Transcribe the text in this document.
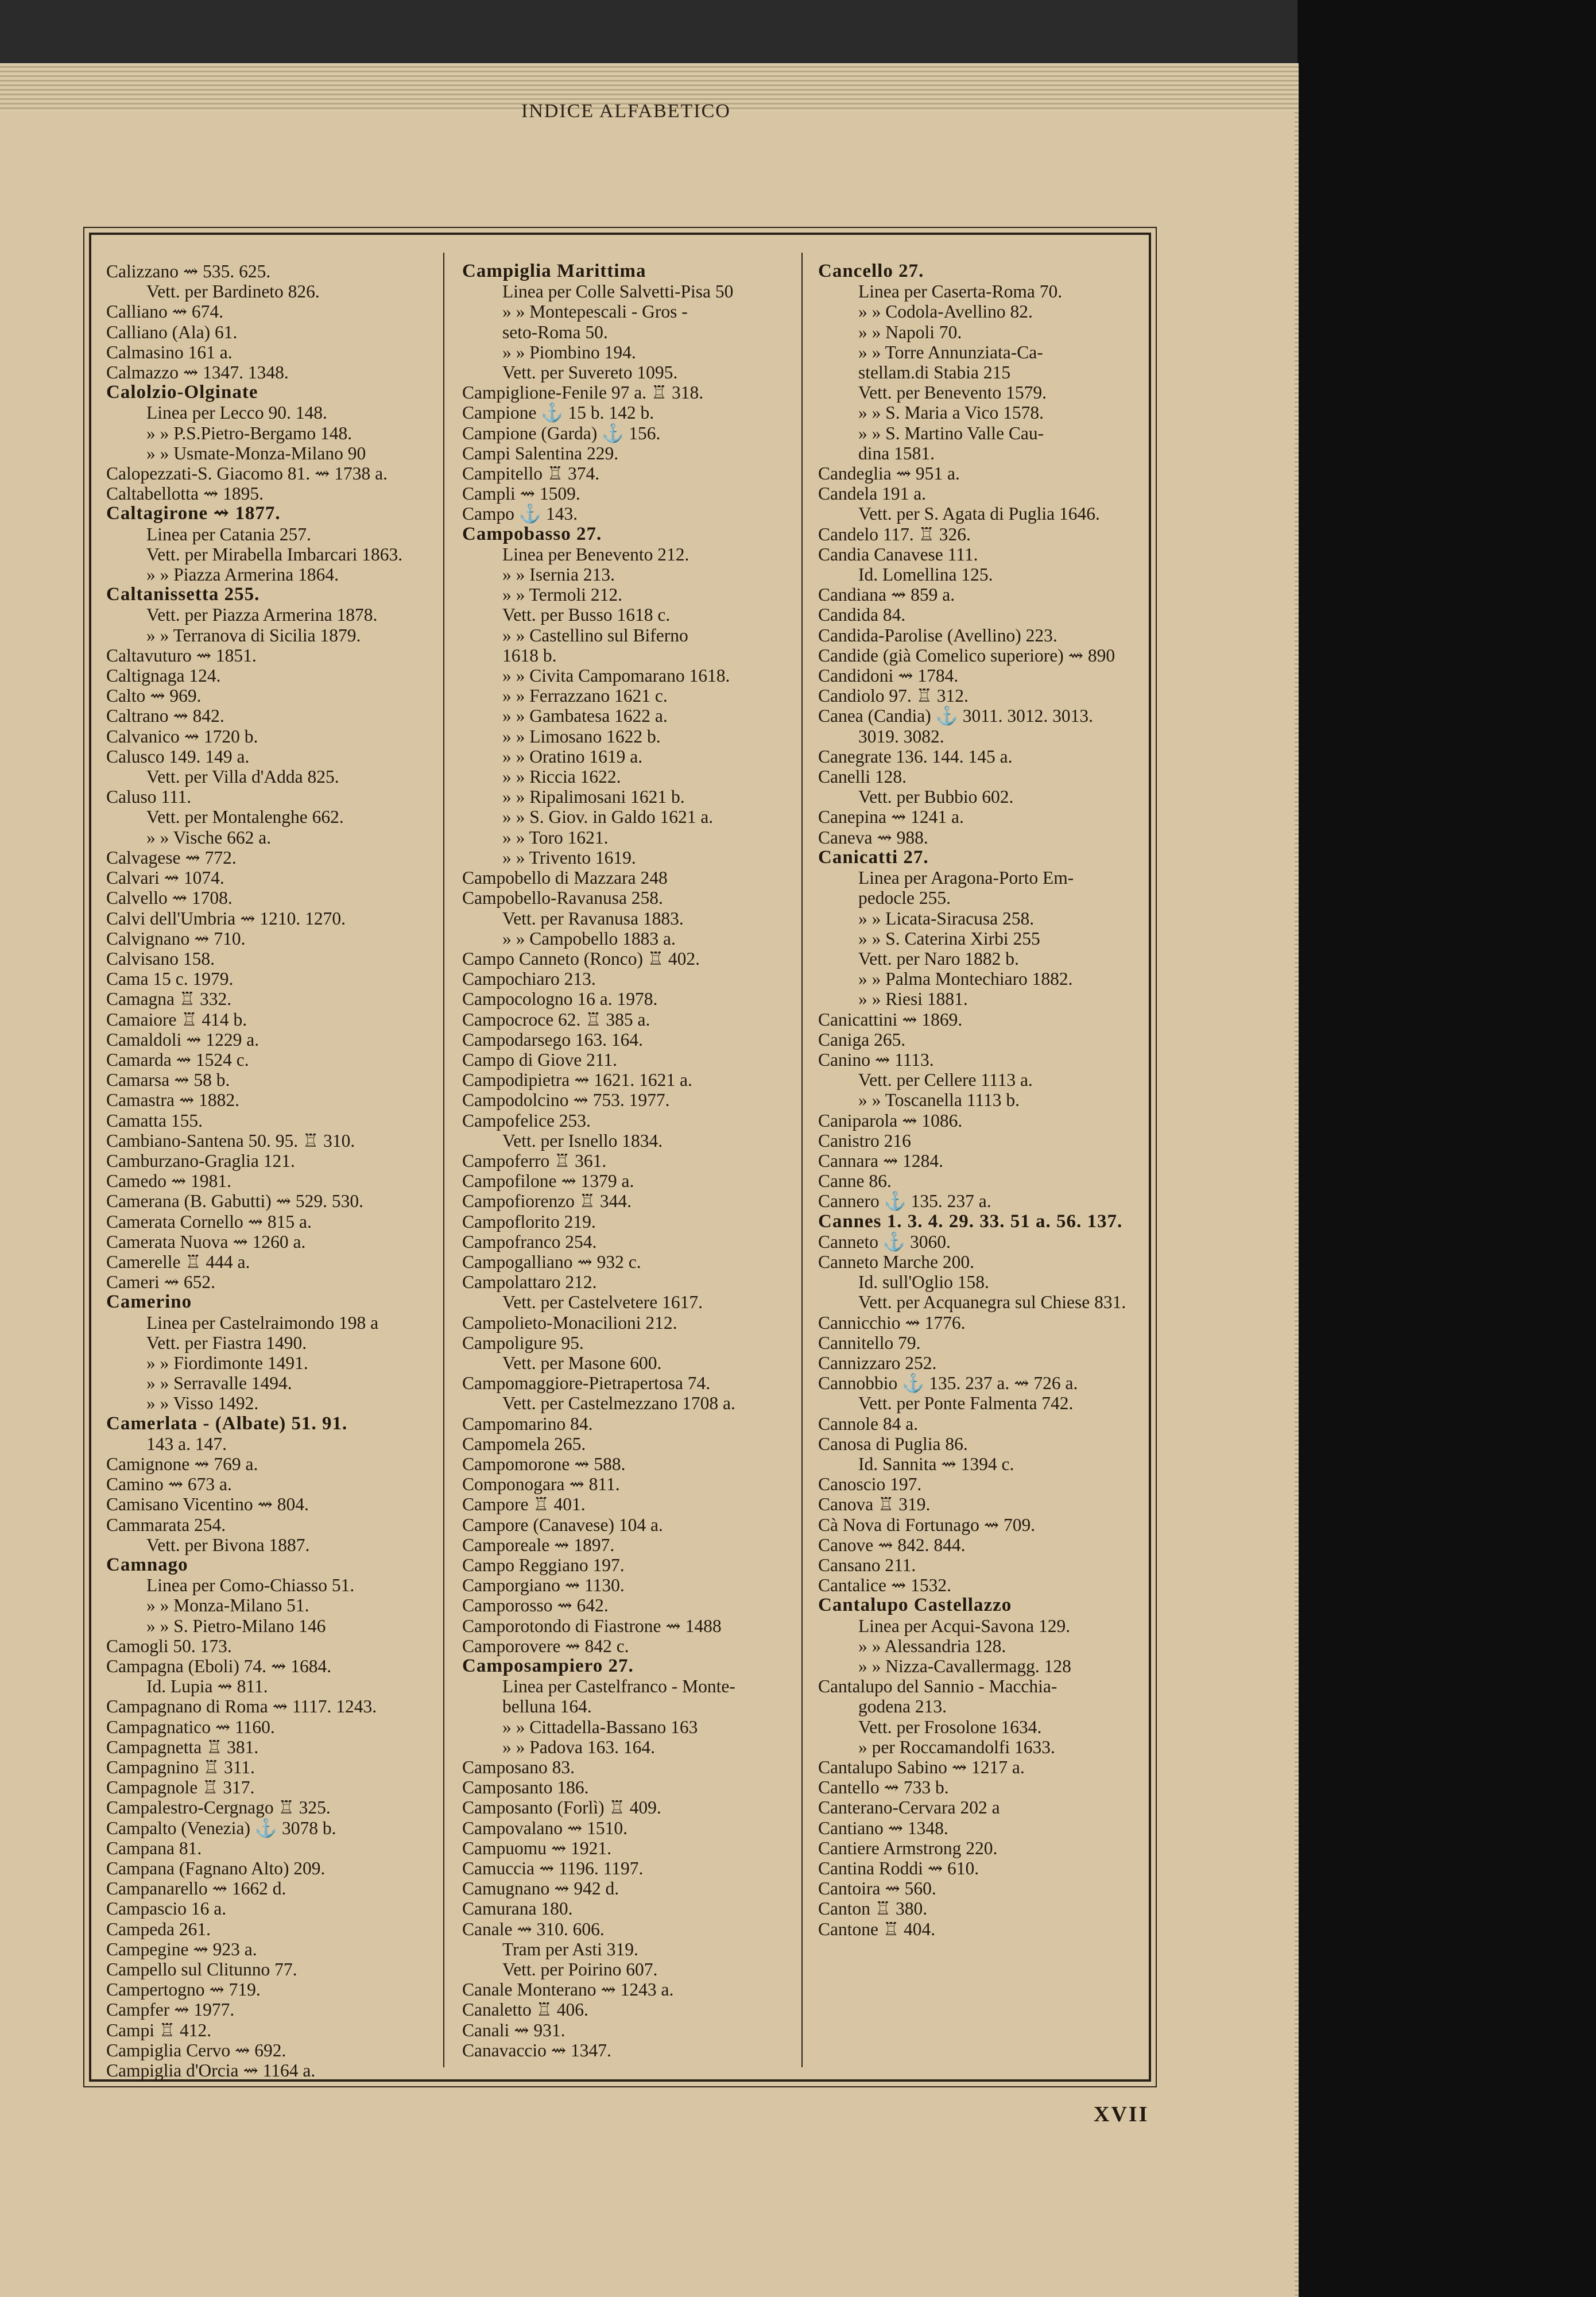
INDICE ALFABETICO
Calizzano ⇝ 535. 625.
Vett. per Bardineto 826.
Calliano ⇝ 674.
Calliano (Ala) 61.
Calmasino 161 a.
Calmazzo ⇝ 1347. 1348.
Calolzio-Olginate
Linea per Lecco 90. 148.
» » P.S.Pietro-Bergamo 148.
» » Usmate-Monza-Milano 90
Calopezzati-S. Giacomo 81. ⇝ 1738 a.
Caltabellotta ⇝ 1895.
Caltagirone ⇝ 1877.
Linea per Catania 257.
Vett. per Mirabella Imbarcari 1863.
» » Piazza Armerina 1864.
Caltanissetta 255.
Vett. per Piazza Armerina 1878.
» » Terranova di Sicilia 1879.
Caltavuturo ⇝ 1851.
Caltignaga 124.
Calto ⇝ 969.
Caltrano ⇝ 842.
Calvanico ⇝ 1720 b.
Calusco 149. 149 a.
Vett. per Villa d'Adda 825.
Caluso 111.
Vett. per Montalenghe 662.
» » Vische 662 a.
Calvagese ⇝ 772.
Calvari ⇝ 1074.
Calvello ⇝ 1708.
Calvi dell'Umbria ⇝ 1210. 1270.
Calvignano ⇝ 710.
Calvisano 158.
Cama 15 c. 1979.
Camagna ♖ 332.
Camaiore ♖ 414 b.
Camaldoli ⇝ 1229 a.
Camarda ⇝ 1524 c.
Camarsa ⇝ 58 b.
Camastra ⇝ 1882.
Camatta 155.
Cambiano-Santena 50. 95. ♖ 310.
Camburzano-Graglia 121.
Camedo ⇝ 1981.
Camerana (B. Gabutti) ⇝ 529. 530.
Camerata Cornello ⇝ 815 a.
Camerata Nuova ⇝ 1260 a.
Camerelle ♖ 444 a.
Cameri ⇝ 652.
Camerino
Linea per Castelraimondo 198 a
Vett. per Fiastra 1490.
» » Fiordimonte 1491.
» » Serravalle 1494.
» » Visso 1492.
Camerlata - (Albate) 51. 91.
143 a. 147.
Camignone ⇝ 769 a.
Camino ⇝ 673 a.
Camisano Vicentino ⇝ 804.
Cammarata 254.
Vett. per Bivona 1887.
Camnago
Linea per Como-Chiasso 51.
» » Monza-Milano 51.
» » S. Pietro-Milano 146
Camogli 50. 173.
Campagna (Eboli) 74. ⇝ 1684.
Id. Lupia ⇝ 811.
Campagnano di Roma ⇝ 1117. 1243.
Campagnatico ⇝ 1160.
Campagnetta ♖ 381.
Campagnino ♖ 311.
Campagnole ♖ 317.
Campalestro-Cergnago ♖ 325.
Campalto (Venezia) ⚓ 3078 b.
Campana 81.
Campana (Fagnano Alto) 209.
Campanarello ⇝ 1662 d.
Campascio 16 a.
Campeda 261.
Campegine ⇝ 923 a.
Campello sul Clitunno 77.
Campertogno ⇝ 719.
Campfer ⇝ 1977.
Campi ♖ 412.
Campiglia Cervo ⇝ 692.
Campiglia d'Orcia ⇝ 1164 a.
Campiglia Marittima
Linea per Colle Salvetti-Pisa 50
» » Montepescali - Gros -
seto-Roma 50.
» » Piombino 194.
Vett. per Suvereto 1095.
Campiglione-Fenile 97 a. ♖ 318.
Campione ⚓ 15 b. 142 b.
Campione (Garda) ⚓ 156.
Campi Salentina 229.
Campitello ♖ 374.
Campli ⇝ 1509.
Campo ⚓ 143.
Campobasso 27.
Linea per Benevento 212.
» » Isernia 213.
» » Termoli 212.
Vett. per Busso 1618 c.
» » Castellino sul Biferno
1618 b.
» » Civita Campomarano 1618.
» » Ferrazzano 1621 c.
» » Gambatesa 1622 a.
» » Limosano 1622 b.
» » Oratino 1619 a.
» » Riccia 1622.
» » Ripalimosani 1621 b.
» » S. Giov. in Galdo 1621 a.
» » Toro 1621.
» » Trivento 1619.
Campobello di Mazzara 248
Campobello-Ravanusa 258.
Vett. per Ravanusa 1883.
» » Campobello 1883 a.
Campo Canneto (Ronco) ♖ 402.
Campochiaro 213.
Campocologno 16 a. 1978.
Campocroce 62. ♖ 385 a.
Campodarsego 163. 164.
Campo di Giove 211.
Campodipietra ⇝ 1621. 1621 a.
Campodolcino ⇝ 753. 1977.
Campofelice 253.
Vett. per Isnello 1834.
Campoferro ♖ 361.
Campofilone ⇝ 1379 a.
Campofiorenzo ♖ 344.
Campoflorito 219.
Campofranco 254.
Campogalliano ⇝ 932 c.
Campolattaro 212.
Vett. per Castelvetere 1617.
Campolieto-Monacilioni 212.
Campoligure 95.
Vett. per Masone 600.
Campomaggiore-Pietrapertosa 74.
Vett. per Castelmezzano 1708 a.
Campomarino 84.
Campomela 265.
Campomorone ⇝ 588.
Componogara ⇝ 811.
Campore ♖ 401.
Campore (Canavese) 104 a.
Camporeale ⇝ 1897.
Campo Reggiano 197.
Camporgiano ⇝ 1130.
Camporosso ⇝ 642.
Camporotondo di Fiastrone ⇝ 1488
Camporovere ⇝ 842 c.
Camposampiero 27.
Linea per Castelfranco - Monte-
belluna 164.
» » Cittadella-Bassano 163
» » Padova 163. 164.
Camposano 83.
Camposanto 186.
Camposanto (Forlì) ♖ 409.
Campovalano ⇝ 1510.
Campuomu ⇝ 1921.
Camuccia ⇝ 1196. 1197.
Camugnano ⇝ 942 d.
Camurana 180.
Canale ⇝ 310. 606.
Tram per Asti 319.
Vett. per Poirino 607.
Canale Monterano ⇝ 1243 a.
Canaletto ♖ 406.
Canali ⇝ 931.
Canavaccio ⇝ 1347.
Cancello 27.
Linea per Caserta-Roma 70.
» » Codola-Avellino 82.
» » Napoli 70.
» » Torre Annunziata-Ca-
stellam.di Stabia 215
Vett. per Benevento 1579.
» » S. Maria a Vico 1578.
» » S. Martino Valle Cau-
dina 1581.
Candeglia ⇝ 951 a.
Candela 191 a.
Vett. per S. Agata di Puglia 1646.
Candelo 117. ♖ 326.
Candia Canavese 111.
Id. Lomellina 125.
Candiana ⇝ 859 a.
Candida 84.
Candida-Parolise (Avellino) 223.
Candide (già Comelico superiore) ⇝ 890
Candidoni ⇝ 1784.
Candiolo 97. ♖ 312.
Canea (Candia) ⚓ 3011. 3012. 3013.
3019. 3082.
Canegrate 136. 144. 145 a.
Canelli 128.
Vett. per Bubbio 602.
Canepina ⇝ 1241 a.
Caneva ⇝ 988.
Canicatti 27.
Linea per Aragona-Porto Em-
pedocle 255.
» » Licata-Siracusa 258.
» » S. Caterina Xirbi 255
Vett. per Naro 1882 b.
» » Palma Montechiaro 1882.
» » Riesi 1881.
Canicattini ⇝ 1869.
Caniga 265.
Canino ⇝ 1113.
Vett. per Cellere 1113 a.
» » Toscanella 1113 b.
Caniparola ⇝ 1086.
Canistro 216
Cannara ⇝ 1284.
Canne 86.
Cannero ⚓ 135. 237 a.
Cannes 1. 3. 4. 29. 33. 51 a. 56. 137.
Canneto ⚓ 3060.
Canneto Marche 200.
Id. sull'Oglio 158.
Vett. per Acquanegra sul Chiese 831.
Cannicchio ⇝ 1776.
Cannitello 79.
Cannizzaro 252.
Cannobbio ⚓ 135. 237 a. ⇝ 726 a.
Vett. per Ponte Falmenta 742.
Cannole 84 a.
Canosa di Puglia 86.
Id. Sannita ⇝ 1394 c.
Canoscio 197.
Canova ♖ 319.
Cà Nova di Fortunago ⇝ 709.
Canove ⇝ 842. 844.
Cansano 211.
Cantalice ⇝ 1532.
Cantalupo Castellazzo
Linea per Acqui-Savona 129.
» » Alessandria 128.
» » Nizza-Cavallermagg. 128
Cantalupo del Sannio - Macchia-
godena 213.
Vett. per Frosolone 1634.
» per Roccamandolfi 1633.
Cantalupo Sabino ⇝ 1217 a.
Cantello ⇝ 733 b.
Canterano-Cervara 202 a
Cantiano ⇝ 1348.
Cantiere Armstrong 220.
Cantina Roddi ⇝ 610.
Cantoira ⇝ 560.
Canton ♖ 380.
Cantone ♖ 404.
XVII
